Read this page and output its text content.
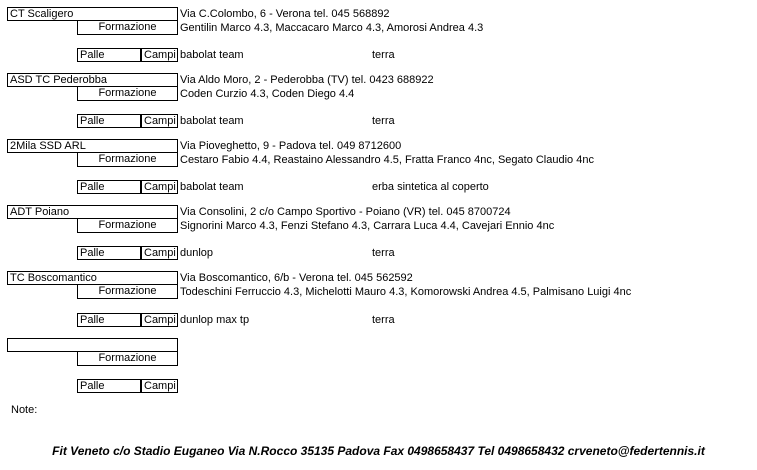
CT Scaligero
Formazione
Via C.Colombo, 6 - Verona tel. 045 568892
Gentilin Marco 4.3, Maccacaro Marco 4.3, Amorosi Andrea 4.3
Palle	Campi babolat team	terra
ASD TC Pederobba
Formazione
Via Aldo Moro, 2 - Pederobba (TV) tel. 0423 688922
Coden Curzio 4.3, Coden Diego 4.4
Palle	Campi babolat team	terra
2Mila SSD ARL
Formazione
Via Pioveghetto, 9 - Padova tel. 049 8712600
Cestaro Fabio 4.4, Reastaino Alessandro 4.5, Fratta Franco 4nc, Segato Claudio 4nc
Palle	Campi babolat team	erba sintetica al coperto
ADT Poiano
Formazione
Via Consolini, 2 c/o Campo Sportivo - Poiano (VR) tel. 045 8700724
Signorini Marco 4.3, Fenzi Stefano 4.3, Carrara Luca 4.4, Cavejari Ennio 4nc
Palle	Campi dunlop	terra
TC Boscomantico
Formazione
Via Boscomantico, 6/b - Verona tel. 045 562592
Todeschini Ferruccio 4.3, Michelotti Mauro 4.3, Komorowski Andrea 4.5, Palmisano Luigi 4nc
Palle	Campi dunlop max tp	terra
Formazione
Palle	Campi
Note:
Fit Veneto c/o Stadio Euganeo Via N.Rocco 35135 Padova Fax 0498658437 Tel 0498658432 crveneto@federtennis.it
